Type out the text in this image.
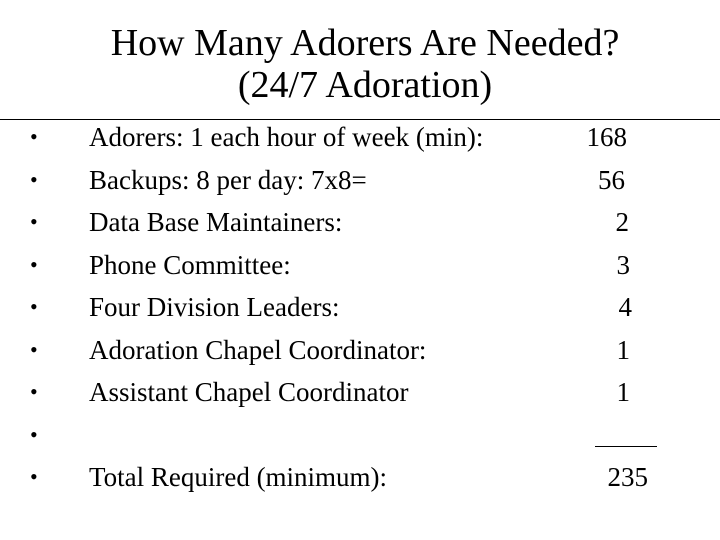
How Many Adorers Are Needed?
(24/7 Adoration)
• Adorers: 1 each hour of week (min):	168
• Backups: 8 per day: 7x8=	56
• Data Base Maintainers:	2
• Phone Committee:	3
• Four Division Leaders:	4
• Adoration Chapel Coordinator:	1
• Assistant Chapel Coordinator	1
•
• Total Required (minimum):	235
